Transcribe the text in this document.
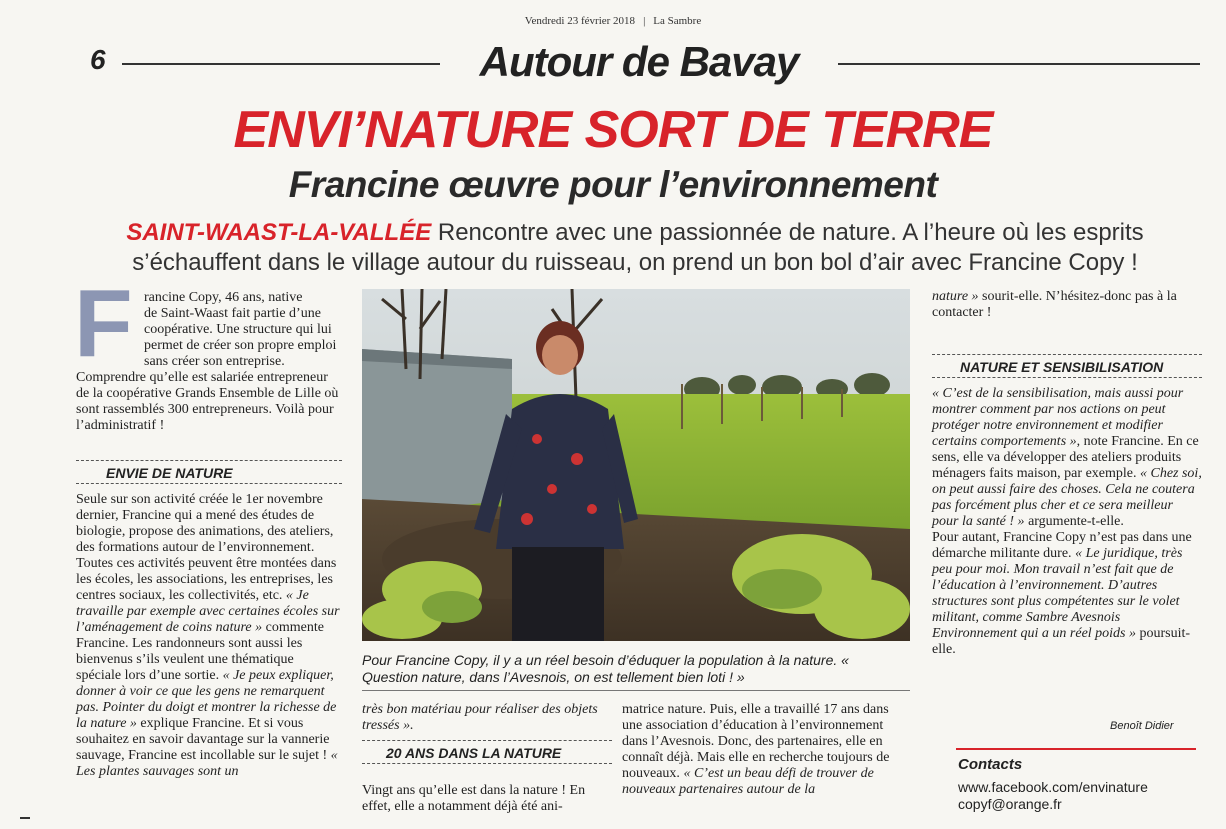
Vendredi 23 février 2018 | La Sambre
6	Autour de Bavay
ENVI’NATURE SORT DE TERRE
Francine œuvre pour l’environnement
SAINT-WAAST-LA-VALLÉE Rencontre avec une passionnée de nature. A l’heure où les esprits s’échauffent dans le village autour du ruisseau, on prend un bon bol d’air avec Francine Copy !
F rancine Copy, 46 ans, native
de Saint-Waast fait partie d’une coopérative. Une structure qui lui permet de créer son propre emploi sans créer son entreprise.
Comprendre qu’elle est salariée entrepreneur de la coopérative Grands Ensemble de Lille où sont rassemblés 300 entrepreneurs. Voilà pour l’administratif !
ENVIE DE NATURE
Seule sur son activité créée le 1er novembre dernier, Francine qui a mené des études de biologie, propose des animations, des ateliers, des formations autour de l’environnement. Toutes ces activités peuvent être montées dans les écoles, les associations, les entreprises, les centres sociaux, les collectivités, etc. « Je travaille par exemple avec certaines écoles sur l’aménagement de coins nature » commente Francine. Les randonneurs sont aussi les bienvenus s’ils veulent une thématique spéciale lors d’une sortie. « Je peux expliquer, donner à voir ce que les gens ne remarquent pas. Pointer du doigt et montrer la richesse de la nature » explique Francine. Et si vous souhaitez en savoir davantage sur la vannerie sauvage, Francine est incollable sur le sujet ! « Les plantes sauvages sont un
Pour Francine Copy, il y a un réel besoin d’éduquer la population à la nature. « Question nature, dans l’Avesnois, on est tellement bien loti ! »
très bon matériau pour réaliser des objets tressés ».
20 ANS DANS LA NATURE
Vingt ans qu’elle est dans la nature ! En effet, elle a notamment déjà été ani-
matrice nature. Puis, elle a travaillé 17 ans dans une association d’éducation à l’environnement dans l’Avesnois. Donc, des partenaires, elle en connaît déjà. Mais elle en recherche toujours de nouveaux. « C’est un beau défi de trouver de nouveaux partenaires autour de la
nature » sourit-elle. N’hésitez-donc pas à la contacter !
NATURE ET SENSIBILISATION
« C’est de la sensibilisation, mais aussi pour montrer comment par nos actions on peut protéger notre environnement et modifier certains comportements », note Francine. En ce sens, elle va développer des ateliers produits ménagers faits maison, par exemple. « Chez soi, on peut aussi faire des choses. Cela ne coutera pas forcément plus cher et ce sera meilleur pour la santé ! » argumente-t-elle.
Pour autant, Francine Copy n’est pas dans une démarche militante dure. « Le juridique, très peu pour moi. Mon travail n’est fait que de l’éducation à l’environnement. D’autres structures sont plus compétentes sur le volet militant, comme Sambre Avesnois Environnement qui a un réel poids » poursuit-elle.
Benoît Didier
Contacts
www.facebook.com/envinature
copyf@orange.fr
